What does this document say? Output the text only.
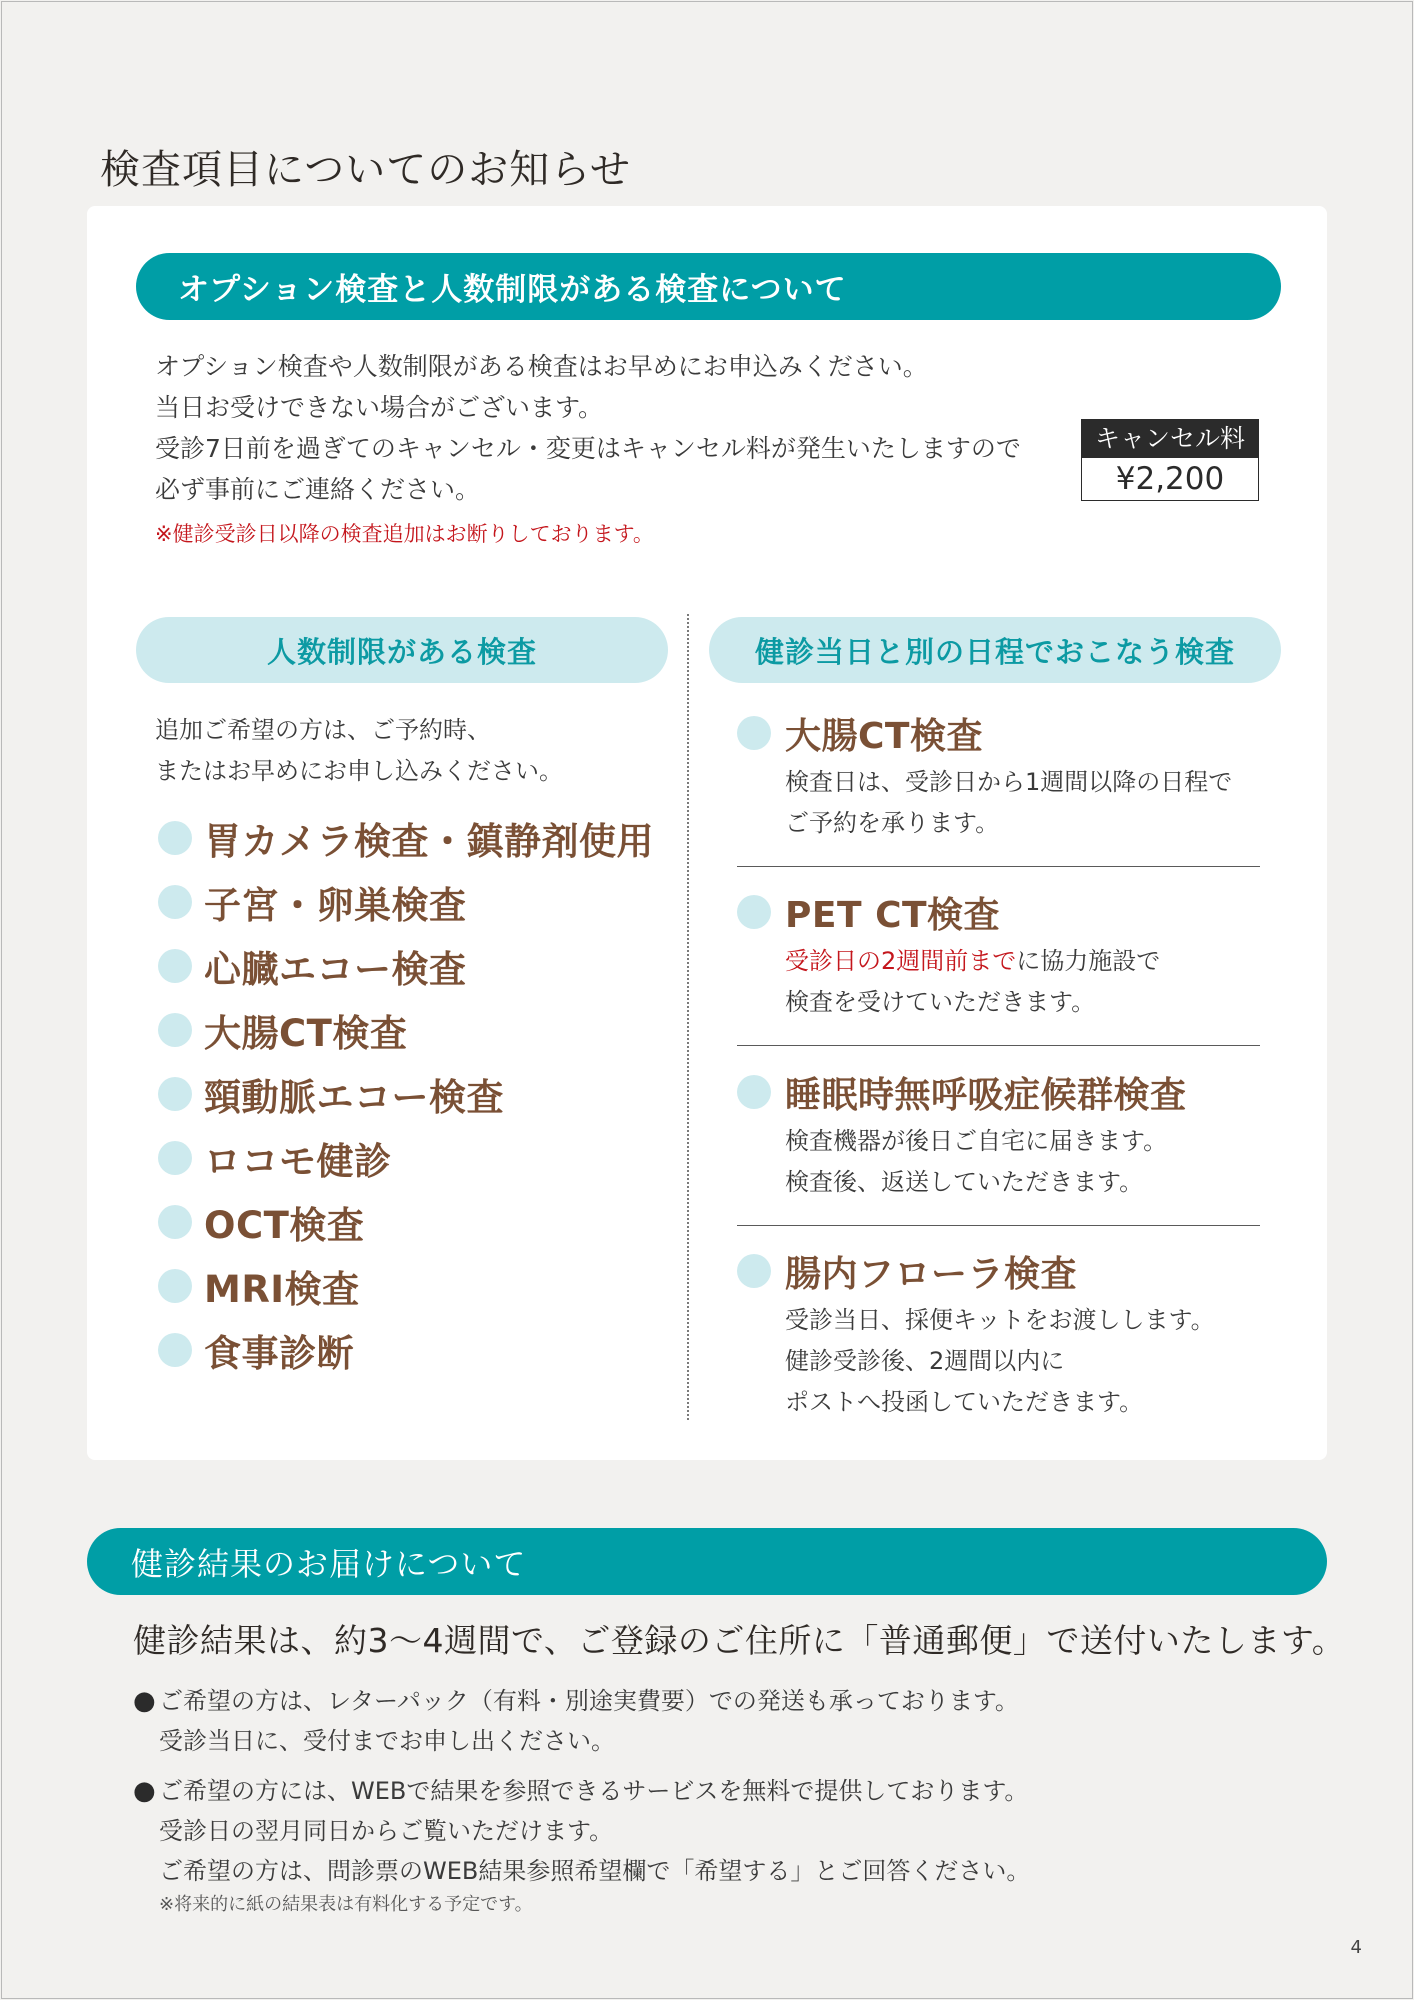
検査項目についてのお知らせ
オプション検査と人数制限がある検査について

オプション検査や人数制限がある検査はお早めにお申込みください。

当日お受けできない場合がございます。

受診7日前を過ぎてのキャンセル・変更はキャンセル料が発生いたしますので

必ず事前にご連絡ください。

※健診受診日以降の検査追加はお断りしております。
キャンセル料
¥2,200
人数制限がある検査	健診当日と別の日程でおこなう検査

追加ご希望の方は、ご予約時、

またはお早めにお申し込みください。

胃カメラ検査・鎮静剤使用
子宮・卵巣検査
心臓エコー検査
大腸CT検査
頸動脈エコー検査
ロコモ健診
OCT検査
MRI検査
食事診断
大腸CT検査

検査日は、受診日から1週間以降の日程で

ご予約を承ります。

PET CT検査

受診日の2週間前までに協力施設で

検査を受けていただきます。

睡眠時無呼吸症候群検査

検査機器が後日ご自宅に届きます。

検査後、返送していただきます。

腸内フローラ検査

受診当日、採便キットをお渡しします。

健診受診後、2週間以内に

ポストへ投函していただきます。

健診結果のお届けについて
健診結果は、約3～4週間で、ご登録のご住所に「普通郵便」で送付いたします。
● ご希望の方は、レターパック（有料・別途実費要）での発送も承っております。

受診当日に、受付までお申し出ください。

● ご希望の方には、WEBで結果を参照できるサービスを無料で提供しております。

受診日の翌月同日からご覧いただけます。

ご希望の方は、問診票のWEB結果参照希望欄で「希望する」とご回答ください。

※将来的に紙の結果表は有料化する予定です。

4
